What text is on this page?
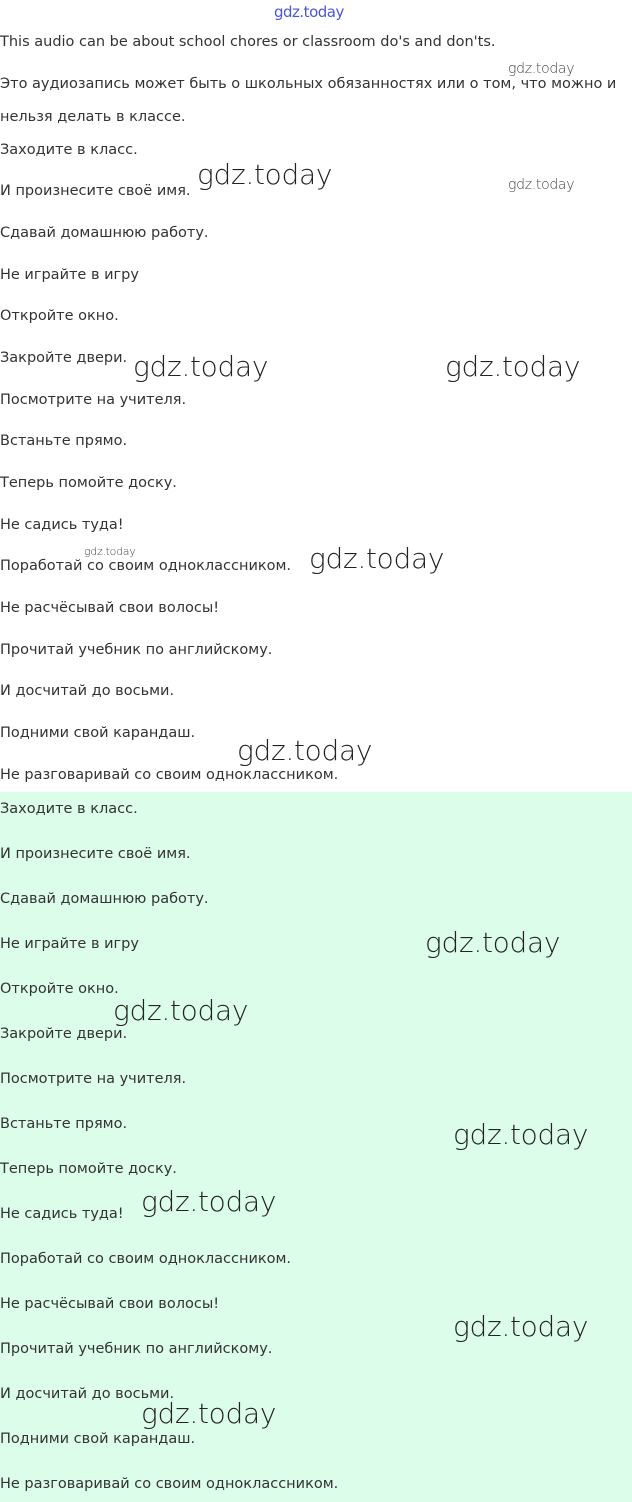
gdz.today
This audio can be about school chores or classroom do's and don'ts.
Это аудиозапись может быть о школьных обязанностях или о том, что можно и
нельзя делать в классе.
Заходите в класс.
И произнесите своё имя.
Сдавай домашнюю работу.
Не играйте в игру
Откройте окно.
Закройте двери.
Посмотрите на учителя.
Встаньте прямо.
Теперь помойте доску.
Не садись туда!
Поработай со своим одноклассником.
Не расчёсывай свои волосы!
Прочитай учебник по английскому.
И досчитай до восьми.
Подними свой карандаш.
Не разговаривай со своим одноклассником.
Заходите в класс.
И произнесите своё имя.
Сдавай домашнюю работу.
Не играйте в игру
Откройте окно.
Закройте двери.
Посмотрите на учителя.
Встаньте прямо.
Теперь помойте доску.
Не садись туда!
Поработай со своим одноклассником.
Не расчёсывай свои волосы!
Прочитай учебник по английскому.
И досчитай до восьми.
Подними свой карандаш.
Не разговаривай со своим одноклассником.
gdz.today
gdz.today	gdz.today
gdz.today	gdz.today
gdz.today	gdz.today
gdz.today
gdz.today
gdz.today
gdz.today
gdz.today
gdz.today
gdz.today
